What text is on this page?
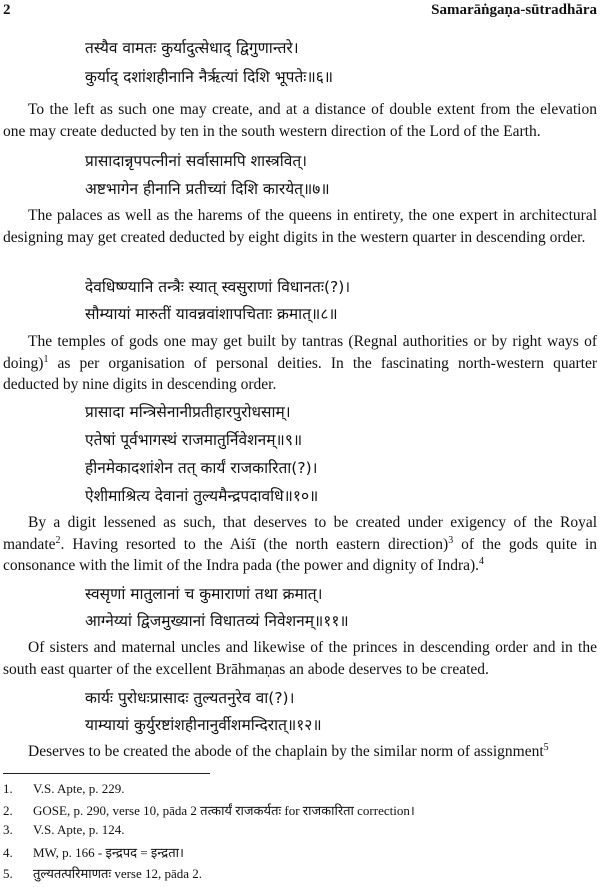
2	Samarāṅgaṇa-sūtradhāra
तस्यैव वामतः कुर्यादुत्सेधाद् द्विगुणान्तरे।
कुर्याद् दशांशहीनानि नैर्ऋत्यां दिशि भूपतेः॥६॥
To the left as such one may create, and at a distance of double extent from the elevation one may create deducted by ten in the south western direction of the Lord of the Earth.
प्रासादान्नृपपत्नीनां सर्वासामपि शास्त्रवित्।
अष्टभागेन हीनानि प्रतीच्यां दिशि कारयेत्॥७॥
The palaces as well as the harems of the queens in entirety, the one expert in architectural designing may get created deducted by eight digits in the western quarter in descending order.
देवधिष्ण्यानि तन्त्रैः स्यात् स्वसुराणां विधानतः(?)।
सौम्यायां मारुतीं यावन्नवांशापचिताः क्रमात्॥८॥
The temples of gods one may get built by tantras (Regnal authorities or by right ways of doing)$^1$ as per organisation of personal deities. In the fascinating north-western quarter deducted by nine digits in descending order.
प्रासादा मन्त्रिसेनानीप्रतीहारपुरोधसाम्।
एतेषां पूर्वभागस्थं राजमातुर्निवेशनम्॥९॥
हीनमेकादशांशेन तत् कार्यं राजकारिता(?)।
ऐशीमाश्रित्य देवानां तुल्यमैन्द्रपदावधि॥१०॥
By a digit lessened as such, that deserves to be created under exigency of the Royal mandate$^2$. Having resorted to the Aiśī (the north eastern direction)$^3$ of the gods quite in consonance with the limit of the Indra pada (the power and dignity of Indra).$^4$
स्वसृणां मातुलानां च कुमाराणां तथा क्रमात्।
आग्नेय्यां द्विजमुख्यानां विधातव्यं निवेशनम्॥११॥
Of sisters and maternal uncles and likewise of the princes in descending order and in the south east quarter of the excellent Brāhmaṇas an abode deserves to be created.
कार्यः पुरोधःप्रासादः तुल्यतनुरेव वा(?)।
याम्यायां कुर्युरष्टांशहीनानुर्वीशमन्दिरात्॥१२॥
Deserves to be created the abode of the chaplain by the similar norm of assignment$^5$
1. V.S. Apte, p. 229.
2. GOSE, p. 290, verse 10, pāda 2 तत्कार्यं राजकर्यतः for राजकारिता correction।
3. V.S. Apte, p. 124.
4. MW, p. 166 - इन्द्रपद = इन्द्रता।
5. तुल्यतत्परिमाणतः verse 12, pāda 2.
